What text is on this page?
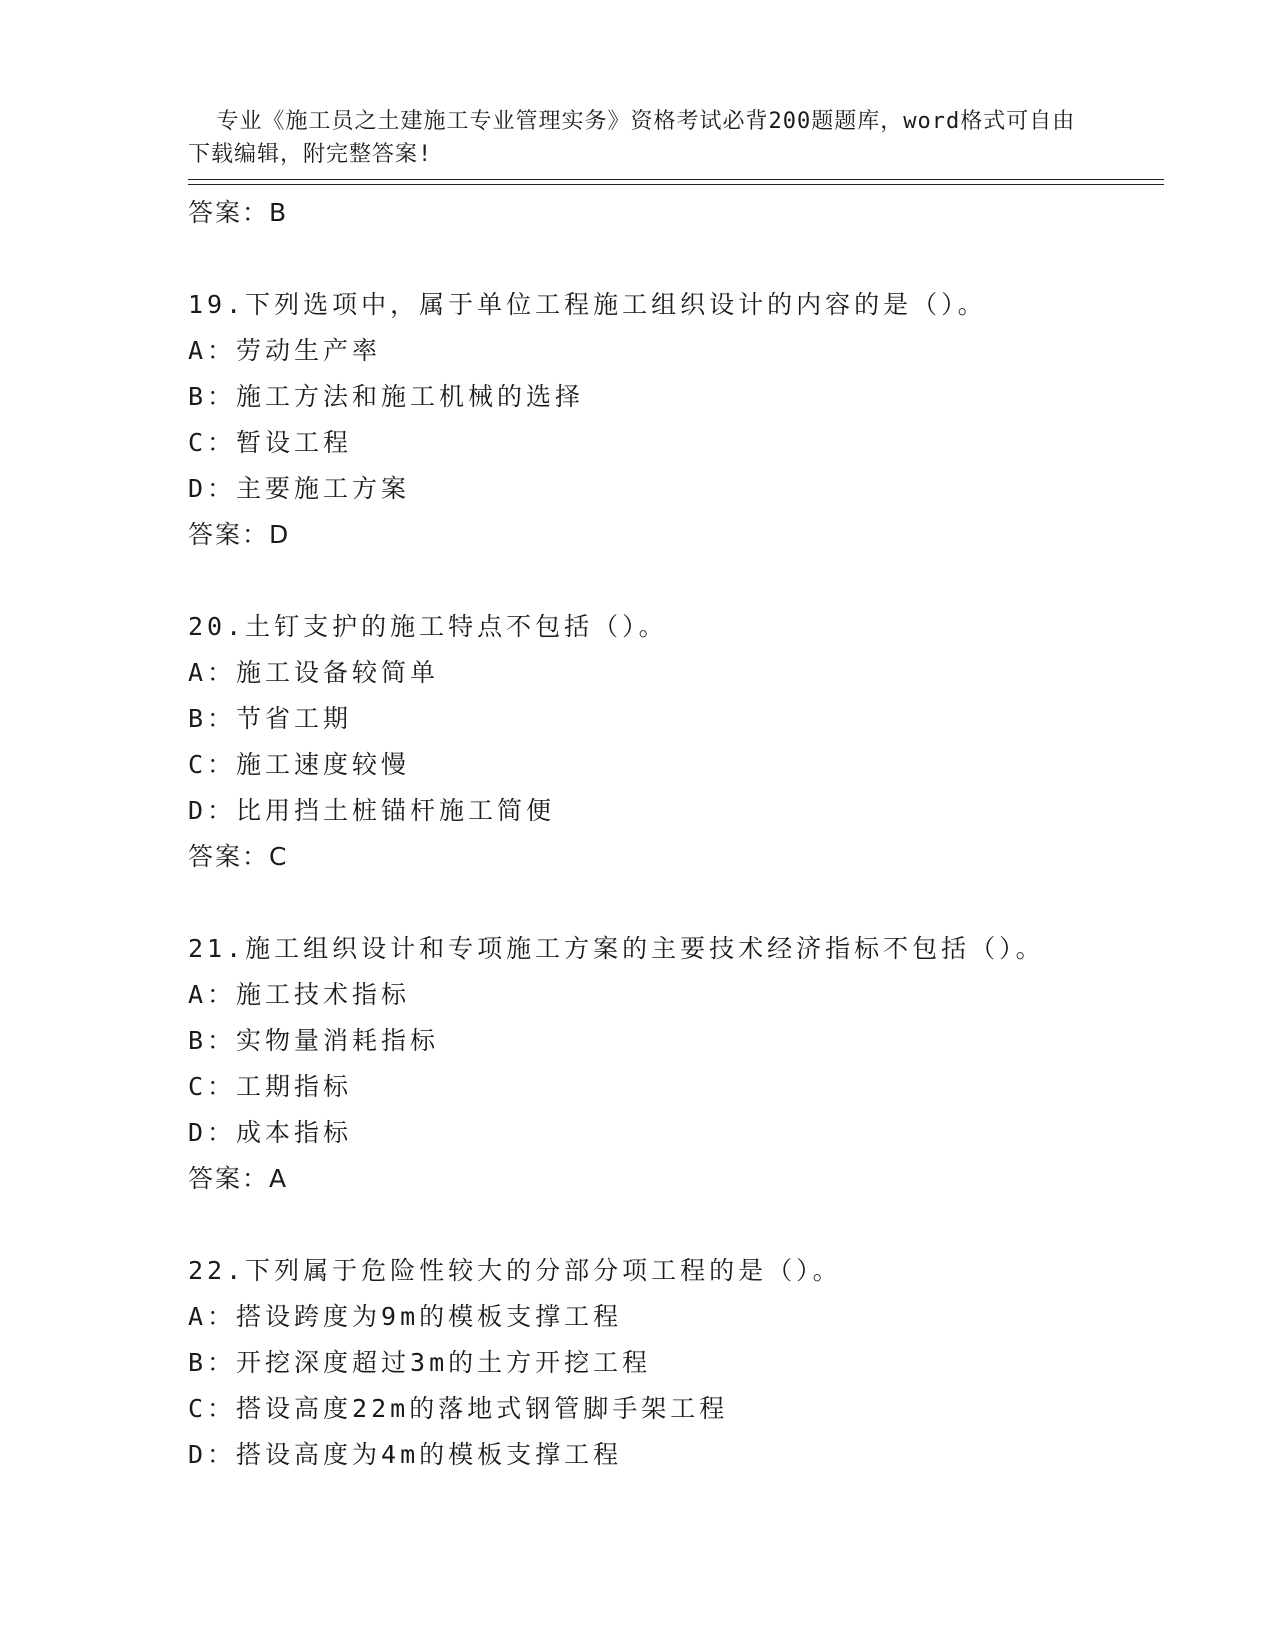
专业《施工员之土建施工专业管理实务》资格考试必背200题题库，word格式可自由下载编辑，附完整答案!

答案：B
19.下列选项中，属于单位工程施工组织设计的内容的是（）。
A：劳动生产率
B：施工方法和施工机械的选择
C：暂设工程
D：主要施工方案
答案：D
20.土钉支护的施工特点不包括（）。
A：施工设备较简单
B：节省工期
C：施工速度较慢
D：比用挡土桩锚杆施工简便
答案：C
21.施工组织设计和专项施工方案的主要技术经济指标不包括（）。
A：施工技术指标
B：实物量消耗指标
C：工期指标
D：成本指标
答案：A
22.下列属于危险性较大的分部分项工程的是（）。
A：搭设跨度为9m的模板支撑工程
B：开挖深度超过3m的土方开挖工程
C：搭设高度22m的落地式钢管脚手架工程
D：搭设高度为4m的模板支撑工程
